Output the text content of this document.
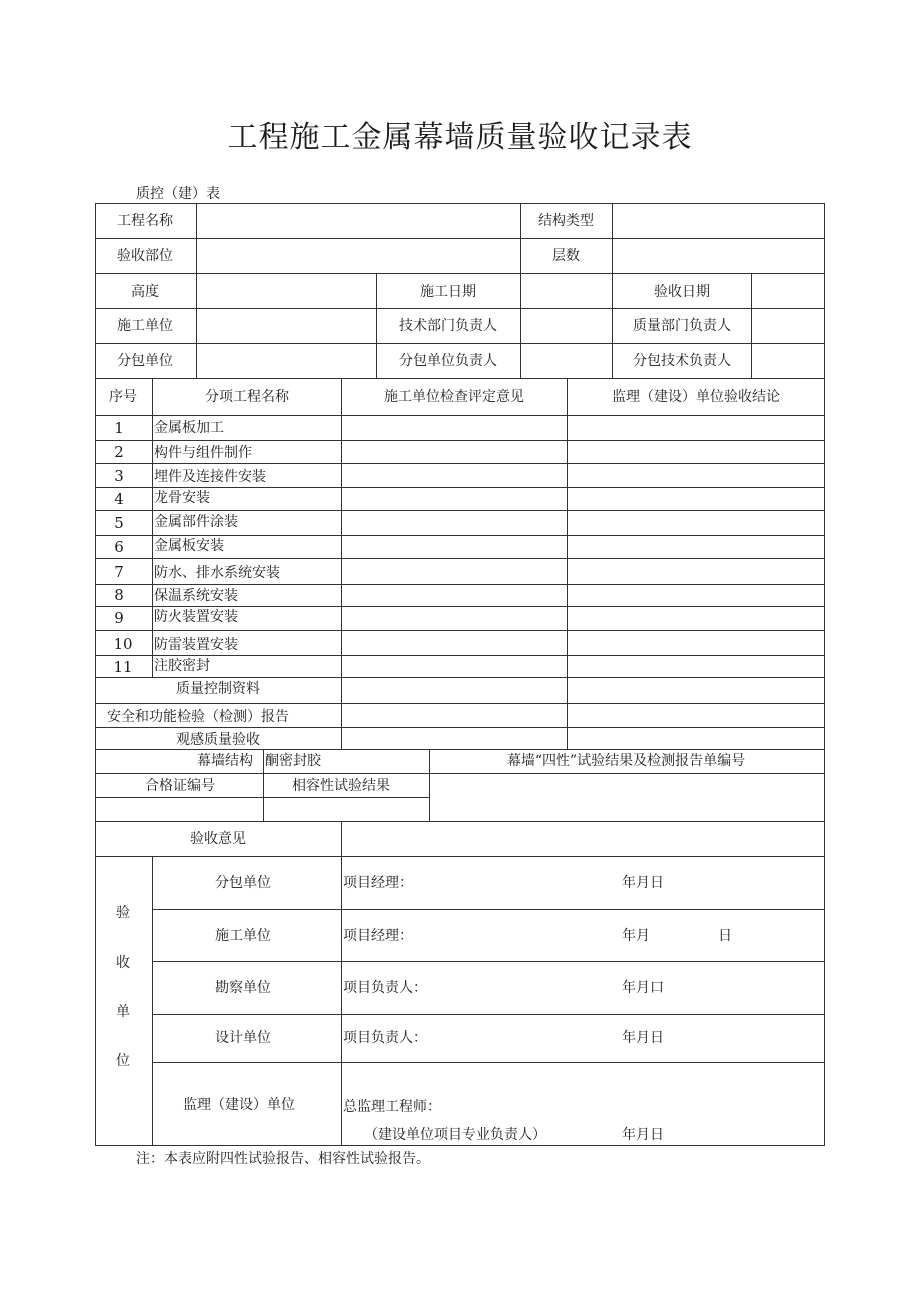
工程施工金属幕墙质量验收记录表
质控（建）表
工程名称	结构类型
验收部位	层数
高度	施工日期	验收日期
施工单位	技术部门负责人	质量部门负责人
分包单位	分包单位负责人	分包技术负责人
序号	分项工程名称	施工单位检查评定意见	监理（建设）单位验收结论
1 金属板加工
2 构件与组件制作
3 埋件及连接件安装
4 龙骨安装
5 金属部件涂装
6 金属板安装
7 防水、排水系统安装
8 保温系统安装
9 防火装置安装
10 防雷装置安装
11 注胶密封
质量控制资料
安全和功能检验（检测）报告
观感质量验收
幕墙结构 酮密封胶	幕墙“四性”试验结果及检测报告单编号
合格证编号	相容性试验结果
验收意见
验
收
单
位
分包单位	项目经理：	年月日
施工单位	项目经理：	年月	日
勘察单位	项目负责人：	年月口
设计单位	项目负责人：	年月日
监理（建设）单位	总监理工程师：
（建设单位项目专业负责人）	年月日
注：本表应附四性试验报告、相容性试验报告。
